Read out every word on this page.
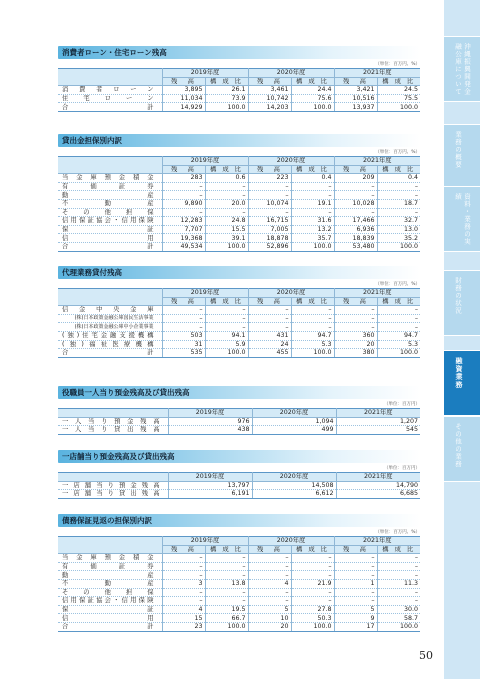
消費者ローン・住宅ローン残高
（単位：百万円、%）
	2019年度		2020年度		2021年度	
	残　高	構 成 比	残　高	構 成 比	残　高	構 成 比
消費者ローン	3,895	26.1	3,461	24.4	3,421	24.5
住宅ローン	11,034	73.9	10,742	75.6	10,516	75.5
合計	14,929	100.0	14,203	100.0	13,937	100.0
貸出金担保別内訳
（単位：百万円、%）
	2019年度		2020年度		2021年度	
	残　高	構 成 比	残　高	構 成 比	残　高	構 成 比
当金庫預金積金	283	0.6	223	0.4	209	0.4
有価証券	–	–	–	–	–	–
動産	–	–	–	–	–	–
不動産	9,890	20.0	10,074	19.1	10,028	18.7
その他担保	–	–	–	–	–	–
信用保証協会・信用保険	12,283	24.8	16,715	31.6	17,466	32.7
保証	7,707	15.5	7,005	13.2	6,936	13.0
信用	19,368	39.1	18,878	35.7	18,839	35.2
合計	49,534	100.0	52,896	100.0	53,480	100.0
代理業務貸付残高
（単位：百万円、%）
	2019年度		2020年度		2021年度	
	残　高	構 成 比	残　高	構 成 比	残　高	構 成 比
信金中央金庫	–	–	–	–	–	–
(株)日本政策金融公庫国民生活事業	–	–	–	–	–	–
(株)日本政策金融公庫中小企業事業	–	–	–	–	–	–
(独)住宅金融支援機構	503	94.1	431	94.7	360	94.7
(独)福祉医療機構	31	5.9	24	5.3	20	5.3
合計	535	100.0	455	100.0	380	100.0
役職員一人当り預金残高及び貸出残高
（単位：百万円）
	2019年度	2020年度	2021年度
一人当り預金残高	976	1,094	1,207
一人当り貸出残高	438	499	545
一店舗当り預金残高及び貸出残高
（単位：百万円）
	2019年度	2020年度	2021年度
一店舗当り預金残高	13,797	14,508	14,790
一店舗当り貸出残高	6,191	6,612	6,685
債務保証見返の担保別内訳
（単位：百万円、%）
	2019年度		2020年度		2021年度	
	残　高	構 成 比	残　高	構 成 比	残　高	構 成 比
当金庫預金積金	–	–	–	–	–	–
有価証券	–	–	–	–	–	–
動産	–	–	–	–	–	–
不動産	3	13.8	4	21.9	1	11.3
その他担保	–	–	–	–	–	–
信用保証協会・信用保険	–	–	–	–	–	–
保証	4	19.5	5	27.8	5	30.0
信用	15	66.7	10	50.3	9	58.7
合計	23	100.0	20	100.0	17	100.0
沖縄振興開発金融公庫について
業務の概要
資料・業務の実績
財務の状況
融資業務
その他の業務
50
